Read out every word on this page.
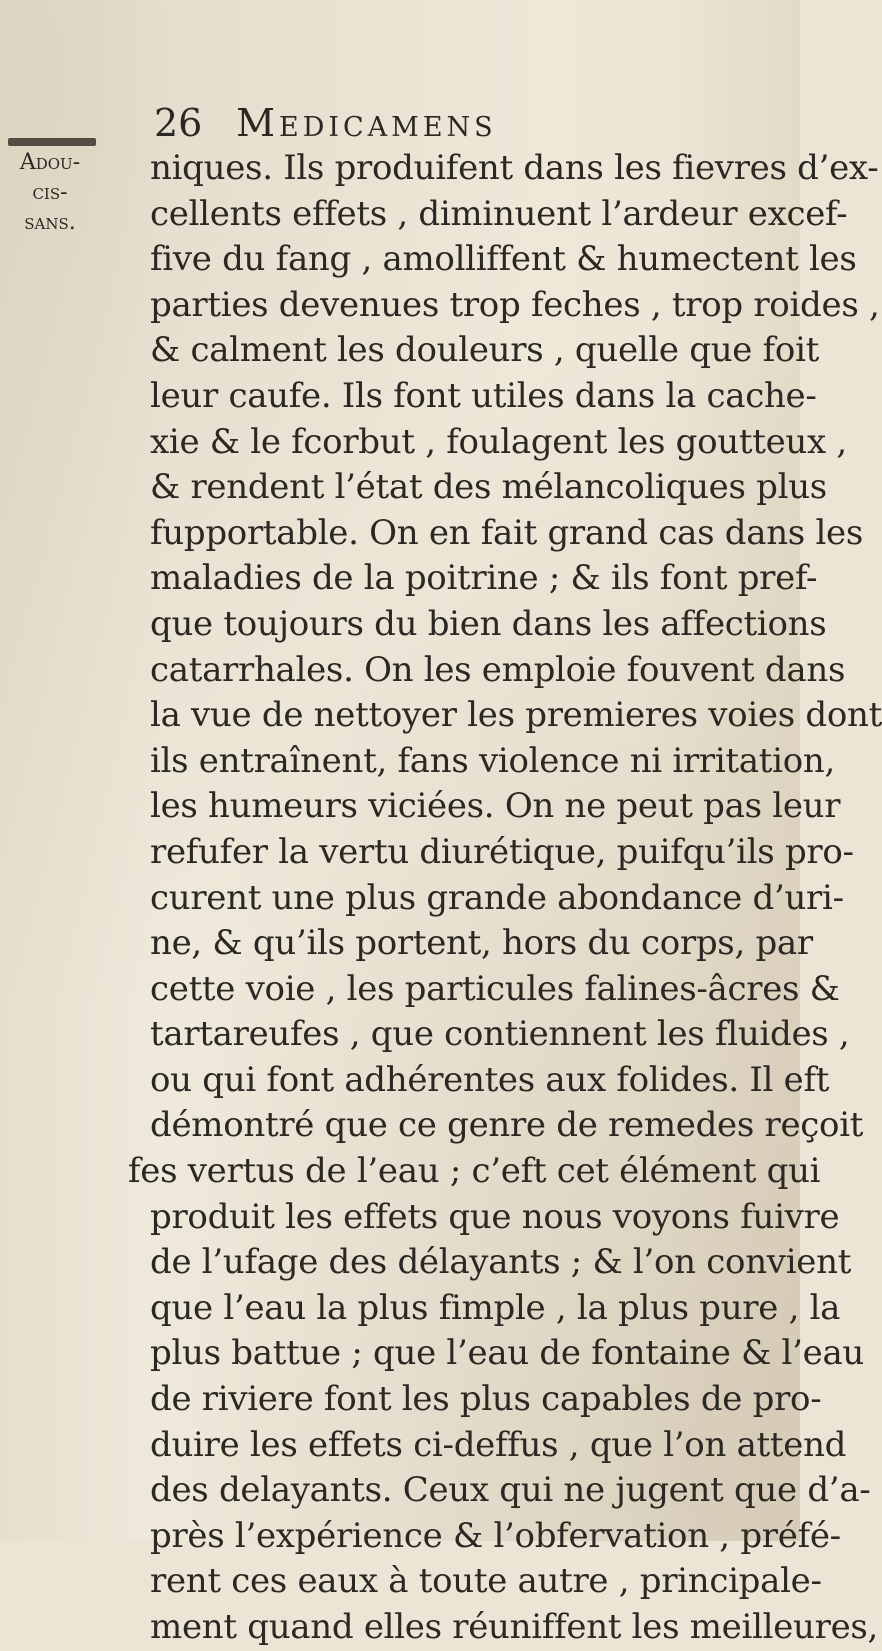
26 Medicamens
Adou-
cis-
sans.
niques. Ils produifent dans les fievres d’ex-
cellents effets , diminuent l’ardeur excef-
five du fang , amolliffent & humectent les
parties devenues trop feches , trop roides ,
& calment les douleurs , quelle que foit
leur caufe. Ils font utiles dans la cache-
xie & le fcorbut , foulagent les goutteux ,
& rendent l’état des mélancoliques plus
fupportable. On en fait grand cas dans les
maladies de la poitrine ; & ils font pref-
que toujours du bien dans les affections
catarrhales. On les emploie fouvent dans
la vue de nettoyer les premieres voies dont
ils entraînent, fans violence ni irritation,
les humeurs viciées. On ne peut pas leur
refufer la vertu diurétique, puifqu’ils pro-
curent une plus grande abondance d’uri-
ne, & qu’ils portent, hors du corps, par
cette voie , les particules falines-âcres &
tartareufes , que contiennent les fluides ,
ou qui font adhérentes aux folides. Il eft
démontré que ce genre de remedes reçoit
fes vertus de l’eau ; c’eft cet élément qui
produit les effets que nous voyons fuivre
de l’ufage des délayants ; & l’on convient
que l’eau la plus fimple , la plus pure , la
plus battue ; que l’eau de fontaine & l’eau
de riviere font les plus capables de pro-
duire les effets ci-deffus , que l’on attend
des delayants. Ceux qui ne jugent que d’a-
près l’expérience & l’obfervation , préfé-
rent ces eaux à toute autre , principale-
ment quand elles réuniffent les meilleures,
